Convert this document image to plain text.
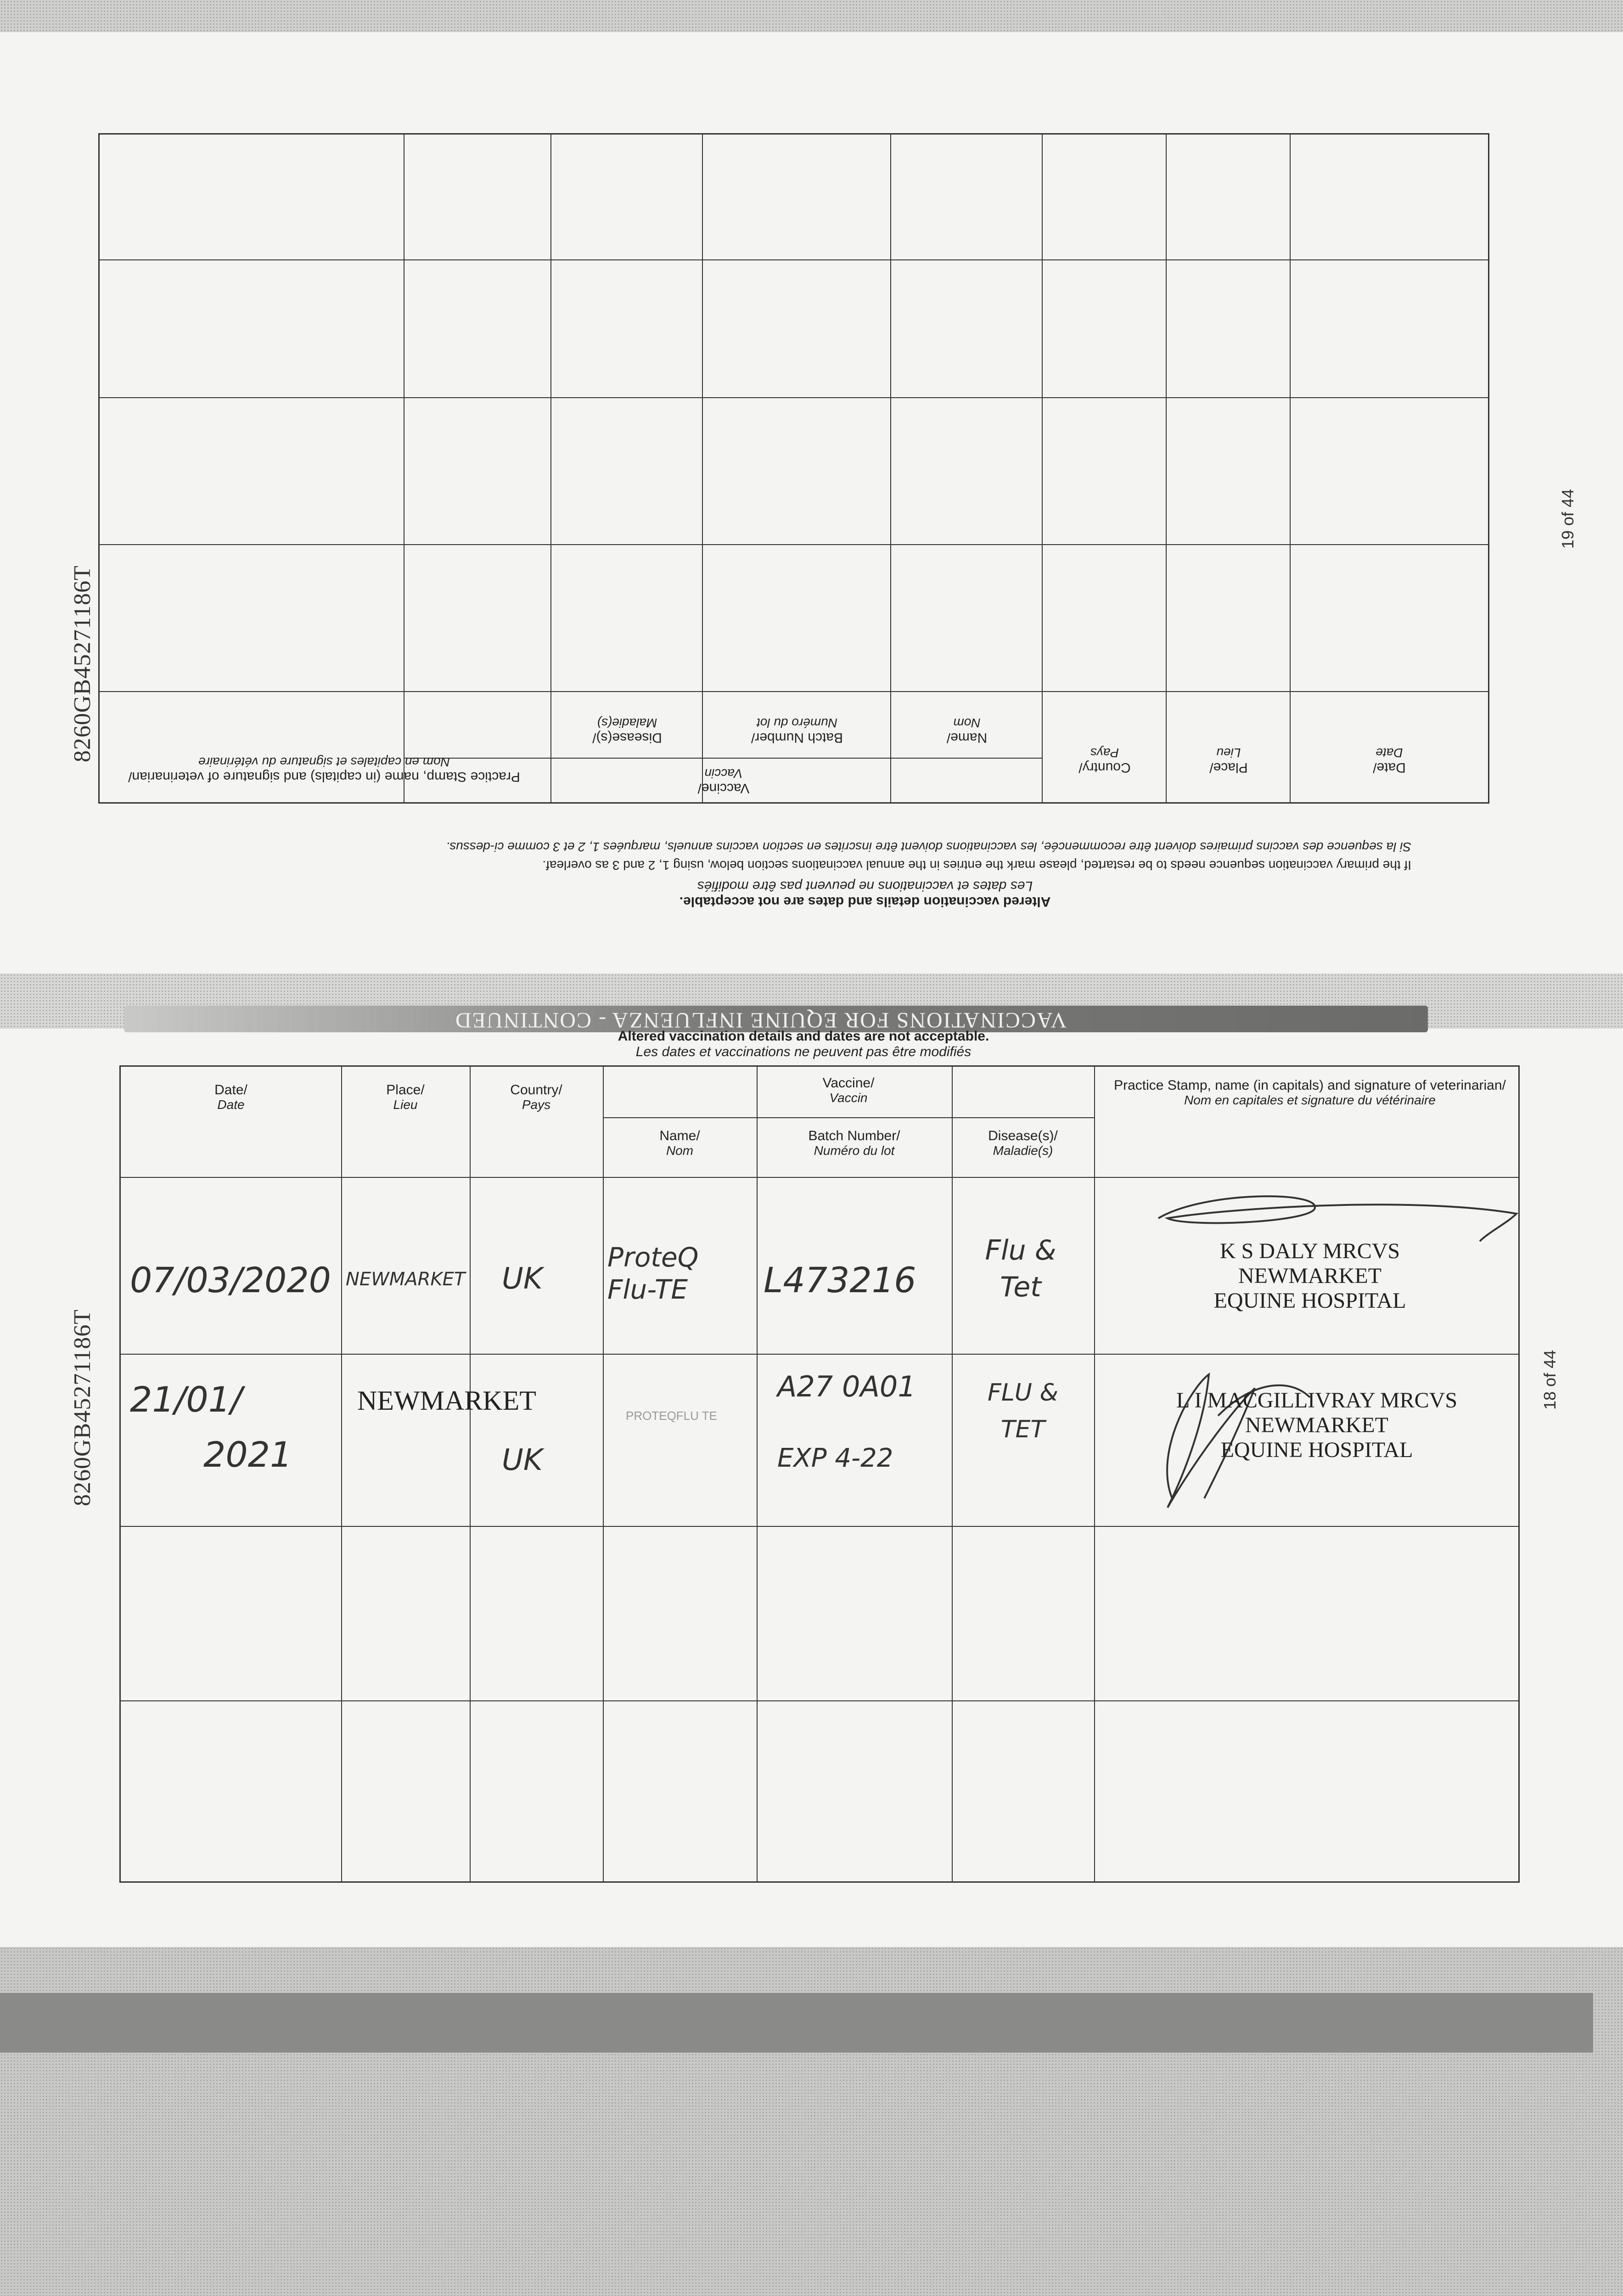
8260GB45271186T
19 of 44
If the primary vaccination sequence needs to be restarted, please mark the entries in the annual vaccinations section below, using 1, 2 and 3 as overleaf.
Si la sequence des vaccins primaires doivent être recommencée, les vaccinations doivent être inscrites en section vaccins annuels, marquées 1, 2 et 3 comme ci-dessus.
Altered vaccination details and dates are not acceptable.
Les dates et vaccinations ne peuvent pas être modifiés
Date/
Date
Place/
Lieu
Country/
Pays
Vaccine/
Vaccin
Name/
Nom
Batch Number/
Numéro du lot
Disease(s)/
Maladie(s)
Practice Stamp, name (in capitals) and signature of veterinarian/
Nom en capitales et signature du vétérinaire
8260GB45271186T	18 of 44
VACCINATIONS FOR EQUINE INFLUENZA - CONTINUED
Altered vaccination details and dates are not acceptable.
Les dates et vaccinations ne peuvent pas être modifiés
Date/
Date
Place/
Lieu
Country/
Pays
Vaccine/
Vaccin
Name/
Nom
Batch Number/
Numéro du lot
Disease(s)/
Maladie(s)
Practice Stamp, name (in capitals) and signature of veterinarian/
Nom en capitales et signature du vétérinaire
07/03/2020 NEWMARKET UK
ProteQ Flu-TE	L473216
Flu & Tet
K S DALY MRCVS
NEWMARKET
EQUINE HOSPITAL
21/01/
2021
NEWMARKET
UK
PROTEQFLU TE
A27 0A01
EXP 4-22
FLU & TET
L I MACGILLIVRAY MRCVS
NEWMARKET
EQUINE HOSPITAL
